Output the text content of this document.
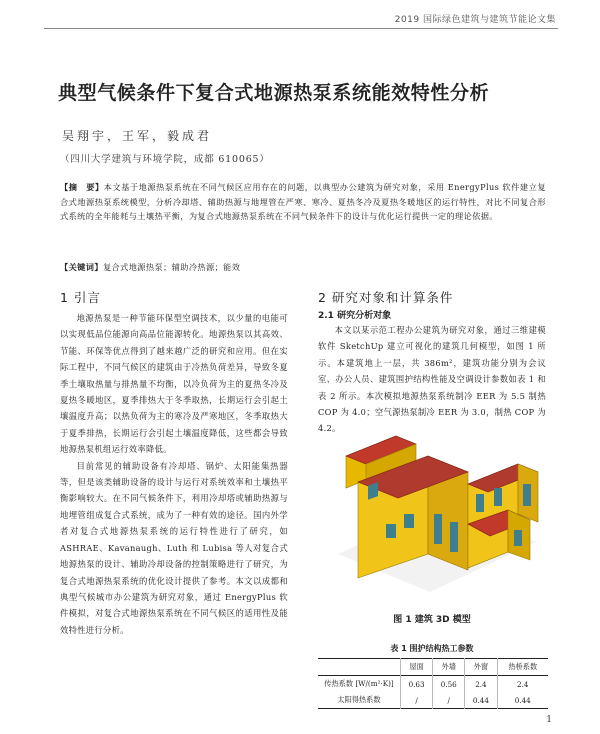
2019 国际绿色建筑与建筑节能论文集
典型气候条件下复合式地源热泵系统能效特性分析
吴翔宇，王军，毅成君
（四川大学建筑与环境学院，成都 610065）
【摘　要】本文基于地源热泵系统在不同气候区应用存在的问题，以典型办公建筑为研究对象，采用 EnergyPlus 软件建立复合式地源热泵系统模型，分析冷却塔、辅助热源与地埋管在严寒、寒冷、夏热冬冷及夏热冬暖地区的运行特性，对比不同复合形式系统的全年能耗与土壤热平衡，为复合式地源热泵系统在不同气候条件下的设计与优化运行提供一定的理论依据。
【关键词】复合式地源热泵；辅助冷热源；能效
1 引言

地源热泵是一种节能环保型空调技术，以少量的电能可以实现低品位能源向高品位能源转化。地源热泵以其高效、节能、环保等优点得到了越来越广泛的研究和应用。但在实际工程中，不同气候区的建筑由于冷热负荷差异，导致冬夏季土壤取热量与排热量不均衡，以冷负荷为主的夏热冬冷及夏热冬暖地区，夏季排热大于冬季取热，长期运行会引起土壤温度升高；以热负荷为主的寒冷及严寒地区，冬季取热大于夏季排热，长期运行会引起土壤温度降低，这些都会导致地源热泵机组运行效率降低。

目前常见的辅助设备有冷却塔、锅炉、太阳能集热器等，但是该类辅助设备的设计与运行对系统效率和土壤热平衡影响较大。在不同气候条件下，利用冷却塔或辅助热源与地埋管组成复合式系统，成为了一种有效的途径。国内外学者对复合式地源热泵系统的运行特性进行了研究，如 ASHRAE、Kavanaugh、Luth 和 Lubisa 等人对复合式地源热泵的设计、辅助冷却设备的控制策略进行了研究，为复合式地源热泵系统的优化设计提供了参考。本文以成都和典型气候城市办公建筑为研究对象，通过 EnergyPlus 软件模拟，对复合式地源热泵系统在不同气候区的适用性及能效特性进行分析。

2 研究对象和计算条件
2.1 研究分析对象

本文以某示范工程办公建筑为研究对象，通过三维建模软件 SketchUp 建立可视化的建筑几何模型，如图 1 所示。本建筑地上一层，共 386m²，建筑功能分别为会议室、办公人员、建筑围护结构性能及空调设计参数如表 1 和表 2 所示。本次模拟地源热泵系统制冷 EER 为 5.5 制热 COP 为 4.0；空气源热泵制冷 EER 为 3.0，制热 COP 为 4.2。

图 1 建筑 3D 模型
表 1 围护结构热工参数
	屋面	外墙	外窗	热桥系数
传热系数 [W/(m²·K)]	0.63	0.56	2.4	2.4
太阳得热系数	/	/	0.44	0.44
1
